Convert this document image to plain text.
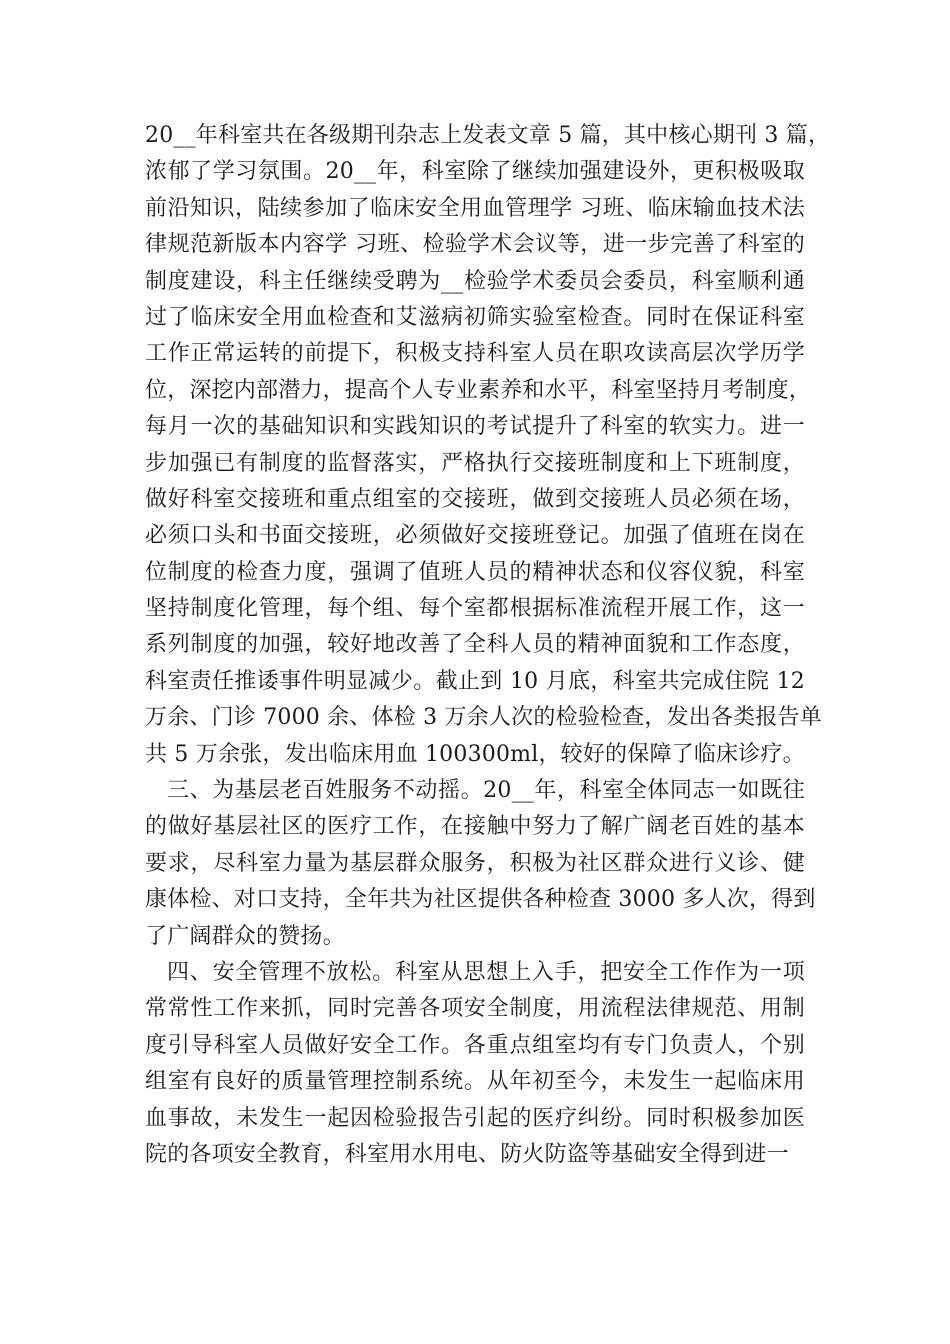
20__年科室共在各级期刊杂志上发表文章 5 篇，其中核心期刊 3 篇，
浓郁了学习氛围。20__年，科室除了继续加强建设外，更积极吸取
前沿知识，陆续参加了临床安全用血管理学 习班、临床输血技术法
律规范新版本内容学 习班、检验学术会议等，进一步完善了科室的
制度建设，科主任继续受聘为__检验学术委员会委员，科室顺利通
过了临床安全用血检查和艾滋病初筛实验室检查。同时在保证科室
工作正常运转的前提下，积极支持科室人员在职攻读高层次学历学
位，深挖内部潜力，提高个人专业素养和水平，科室坚持月考制度，
每月一次的基础知识和实践知识的考试提升了科室的软实力。进一
步加强已有制度的监督落实，严格执行交接班制度和上下班制度，
做好科室交接班和重点组室的交接班，做到交接班人员必须在场，
必须口头和书面交接班，必须做好交接班登记。加强了值班在岗在
位制度的检查力度，强调了值班人员的精神状态和仪容仪貌，科室
坚持制度化管理，每个组、每个室都根据标准流程开展工作，这一
系列制度的加强，较好地改善了全科人员的精神面貌和工作态度，
科室责任推诿事件明显减少。截止到 10 月底，科室共完成住院 12
万余、门诊 7000 余、体检 3 万余人次的检验检查，发出各类报告单
共 5 万余张，发出临床用血 100300ml，较好的保障了临床诊疗。
三、为基层老百姓服务不动摇。20__年，科室全体同志一如既往
的做好基层社区的医疗工作，在接触中努力了解广阔老百姓的基本
要求，尽科室力量为基层群众服务，积极为社区群众进行义诊、健
康体检、对口支持，全年共为社区提供各种检查 3000 多人次，得到
了广阔群众的赞扬。
四、安全管理不放松。科室从思想上入手，把安全工作作为一项
常常性工作来抓，同时完善各项安全制度，用流程法律规范、用制
度引导科室人员做好安全工作。各重点组室均有专门负责人，个别
组室有良好的质量管理控制系统。从年初至今，未发生一起临床用
血事故，未发生一起因检验报告引起的医疗纠纷。同时积极参加医
院的各项安全教育，科室用水用电、防火防盗等基础安全得到进一
